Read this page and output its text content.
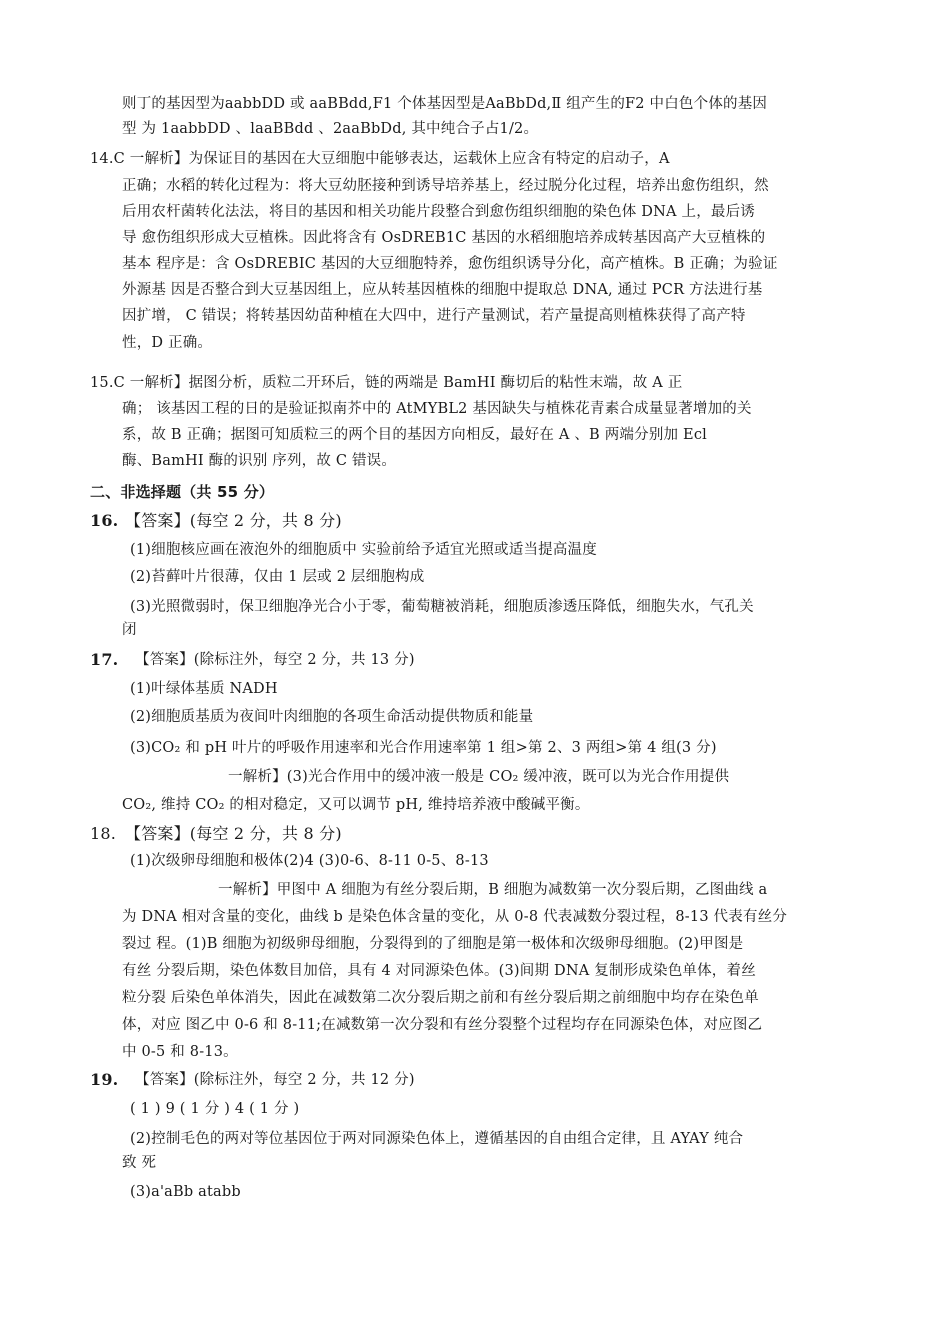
则丁的基因型为aabbDD 或 aaBBdd,F1 个体基因型是AaBbDd,Ⅱ 组产生的F2 中白色个体的基因
型 为 1aabbDD 、laaBBdd 、2aaBbDd, 其中纯合子占1/2。
14.C 一解析】为保证目的基因在大豆细胞中能够表达，运载休上应含有特定的启动子，A
正确；水稻的转化过程为：将大豆幼胚接种到诱导培养基上，经过脱分化过程，培养出愈伤组织，然
后用农杆菌转化法法，将目的基因和相关功能片段整合到愈伤组织细胞的染色体 DNA 上，最后诱
导 愈伤组织形成大豆植株。因此将含有 OsDREB1C 基因的水稻细胞培养成转基因高产大豆植株的
基本 程序是：含 OsDREBIC 基因的大豆细胞特养，愈伤组织诱导分化，高产植株。B 正确；为验证
外源基 因是否整合到大豆基因组上，应从转基因植株的细胞中提取总 DNA, 通过 PCR 方法进行基
因扩增， C 错误；将转基因幼苗种植在大四中，进行产量测试，若产量提高则植株获得了高产特
性，D 正确。
15.C 一解析】据图分析，质粒二开环后，链的两端是 BamHI 酶切后的粘性末端，故 A 正
确； 该基因工程的日的是验证拟南芥中的 AtMYBL2 基因缺失与植株花青素合成量显著增加的关
系，故 B 正确；据图可知质粒三的两个目的基因方向相反，最好在 A 、B 两端分别加 Ecl
酶、BamHI 酶的识别 序列，故 C 错误。
二、非选择题（共 55 分）
16. 【答案】(每空 2 分，共 8 分)
(1)细胞核应画在液泡外的细胞质中 实验前给予适宜光照或适当提高温度
(2)苔藓叶片很薄，仅由 1 层或 2 层细胞构成
(3)光照微弱时，保卫细胞净光合小于零，葡萄糖被消耗，细胞质渗透压降低，细胞失水，气孔关
闭
17. 【答案】(除标注外，每空 2 分，共 13 分)
(1)叶绿体基质 NADH
(2)细胞质基质为夜间叶肉细胞的各项生命活动提供物质和能量
(3)CO₂ 和 pH 叶片的呼吸作用速率和光合作用速率第 1 组>第 2、3 两组>第 4 组(3 分)
一解析】(3)光合作用中的缓冲液一般是 CO₂ 缓冲液，既可以为光合作用提供
CO₂, 维持 CO₂ 的相对稳定，又可以调节 pH, 维持培养液中酸碱平衡。
18. 【答案】(每空 2 分，共 8 分)
(1)次级卵母细胞和极体(2)4 (3)0-6、8-11 0-5、8-13
一解析】甲图中 A 细胞为有丝分裂后期，B 细胞为减数第一次分裂后期，乙图曲线 a
为 DNA 相对含量的变化，曲线 b 是染色体含量的变化，从 0-8 代表减数分裂过程，8-13 代表有丝分
裂过 程。(1)B 细胞为初级卵母细胞，分裂得到的了细胞是第一极体和次级卵母细胞。(2)甲图是
有丝 分裂后期，染色体数目加倍，具有 4 对同源染色体。(3)间期 DNA 复制形成染色单体，着丝
粒分裂 后染色单体消失，因此在减数第二次分裂后期之前和有丝分裂后期之前细胞中均存在染色单
体，对应 图乙中 0-6 和 8-11;在减数第一次分裂和有丝分裂整个过程均存在同源染色体，对应图乙
中 0-5 和 8-13。
19. 【答案】(除标注外，每空 2 分，共 12 分)
( 1 ) 9 ( 1 分 ) 4 ( 1 分 )
(2)控制毛色的两对等位基因位于两对同源染色体上，遵循基因的自由组合定律，且 AYAY 纯合
致 死
(3)a'aBb atabb
